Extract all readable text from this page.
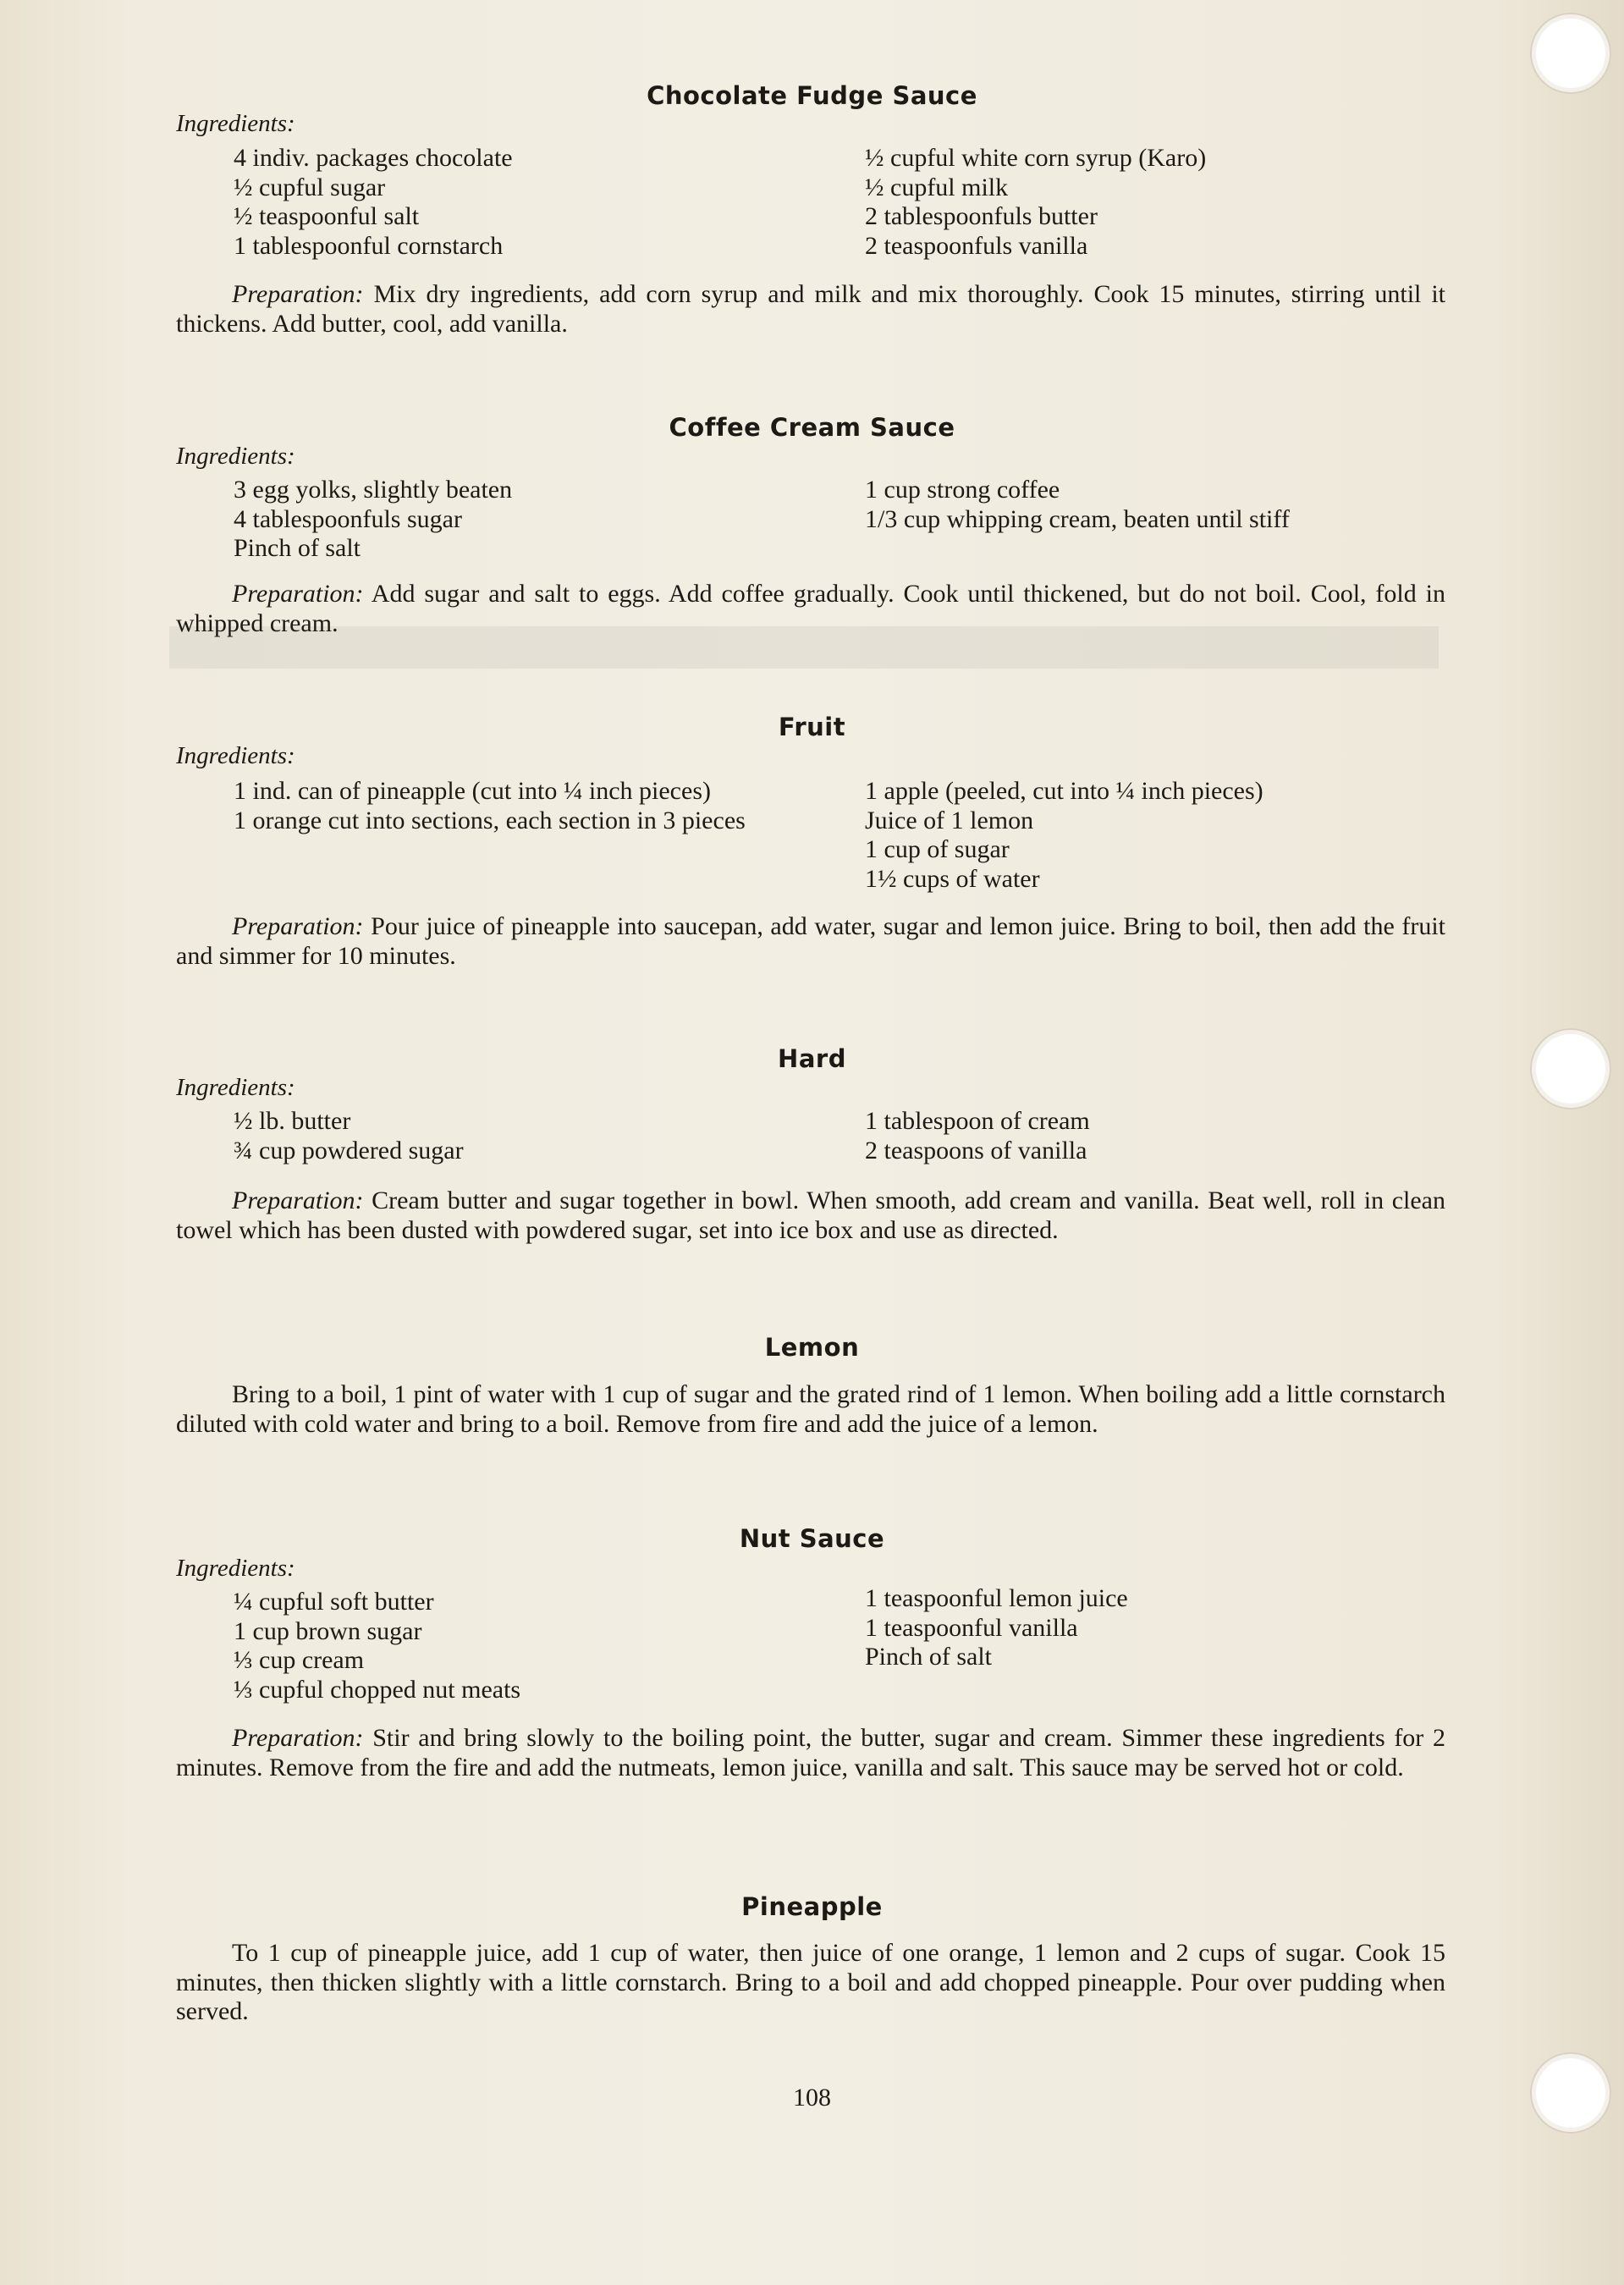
Chocolate Fudge Sauce
Ingredients:
4 indiv. packages chocolate
½ cupful sugar
½ teaspoonful salt
1 tablespoonful cornstarch
½ cupful white corn syrup (Karo)
½ cupful milk
2 tablespoonfuls butter
2 teaspoonfuls vanilla
Preparation: Mix dry ingredients, add corn syrup and milk and mix thoroughly. Cook 15 minutes, stirring until it thickens. Add butter, cool, add vanilla.
Coffee Cream Sauce
Ingredients:
3 egg yolks, slightly beaten
4 tablespoonfuls sugar
Pinch of salt
1 cup strong coffee
1/3 cup whipping cream, beaten until stiff
Preparation: Add sugar and salt to eggs. Add coffee gradually. Cook until thickened, but do not boil. Cool, fold in whipped cream.
Fruit
Ingredients:
1 ind. can of pineapple (cut into ¼ inch pieces)
1 orange cut into sections, each section in 3 pieces
1 apple (peeled, cut into ¼ inch pieces)
Juice of 1 lemon
1 cup of sugar
1½ cups of water
Preparation: Pour juice of pineapple into saucepan, add water, sugar and lemon juice. Bring to boil, then add the fruit and simmer for 10 minutes.
Hard
Ingredients:
½ lb. butter
¾ cup powdered sugar
1 tablespoon of cream
2 teaspoons of vanilla
Preparation: Cream butter and sugar together in bowl. When smooth, add cream and vanilla. Beat well, roll in clean towel which has been dusted with powdered sugar, set into ice box and use as directed.
Lemon
Bring to a boil, 1 pint of water with 1 cup of sugar and the grated rind of 1 lemon. When boiling add a little cornstarch diluted with cold water and bring to a boil. Remove from fire and add the juice of a lemon.
Nut Sauce
Ingredients:
¼ cupful soft butter
1 cup brown sugar
⅓ cup cream
⅓ cupful chopped nut meats
1 teaspoonful lemon juice
1 teaspoonful vanilla
Pinch of salt
Preparation: Stir and bring slowly to the boiling point, the butter, sugar and cream. Simmer these ingredients for 2 minutes. Remove from the fire and add the nutmeats, lemon juice, vanilla and salt. This sauce may be served hot or cold.
Pineapple
To 1 cup of pineapple juice, add 1 cup of water, then juice of one orange, 1 lemon and 2 cups of sugar. Cook 15 minutes, then thicken slightly with a little cornstarch. Bring to a boil and add chopped pineapple. Pour over pudding when served.
108
